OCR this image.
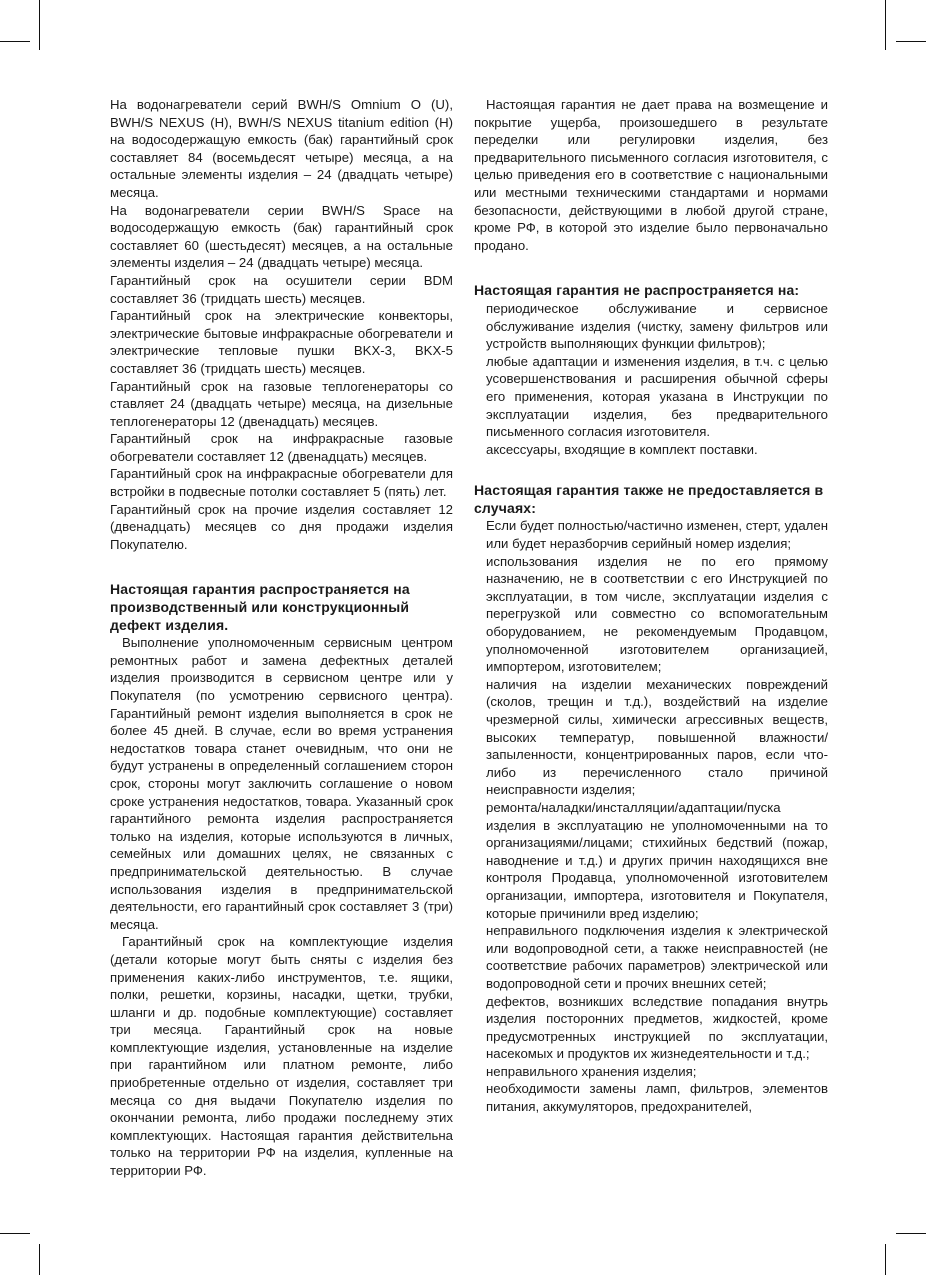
На водонагреватели серий BWH/S Omnium O (U), BWH/S NEXUS (H), BWH/S NEXUS titanium edition (H) на водосодержащую емкость (бак) гарантийный срок составляет 84 (восемьдесят четыре) месяца, а на остальные элементы изделия – 24 (двадцать четыре) месяца.

На водонагреватели серии BWH/S Space на водосодержащую емкость (бак) гарантийный срок составляет 60 (шестьдесят) месяцев, а на остальные элементы изделия – 24 (двадцать четыре) месяца.

Гарантийный срок на осушители серии BDM составляет 36 (тридцать шесть) месяцев.

Гарантийный срок на электрические конвекторы, электрические бытовые инфракрасные обогреватели и электрические тепловые пушки BKX-3, BKX-5 составляет 36 (тридцать шесть) месяцев.

Гарантийный срок на газовые теплогенераторы со ставляет 24 (двадцать четыре) месяца, на дизельные теплогенераторы 12 (двенадцать) месяцев.

Гарантийный срок на инфракрасные газовые обогреватели составляет 12 (двенадцать) месяцев.

Гарантийный срок на инфракрасные обогреватели для встройки в подвесные потолки составляет 5 (пять) лет.

Гарантийный срок на прочие изделия составляет 12 (двенадцать) месяцев со дня продажи изделия Покупателю.

Настоящая гарантия распространяется на производственный или конструкционный дефект изделия.

Выполнение уполномоченным сервисным центром ремонтных работ и замена дефектных деталей изделия производится в сервисном центре или у Покупателя (по усмотрению сервисного центра). Гарантийный ремонт изделия выполняется в срок не более 45 дней. В случае, если во время устранения недостатков товара станет очевидным, что они не будут устранены в определенный соглашением сторон срок, стороны могут заключить соглашение о новом сроке устранения недостатков, товара. Указанный срок гарантийного ремонта изделия распространяется только на изделия, которые используются в личных, семейных или домашних целях, не связанных с предпринимательской деятельностью. В случае использования изделия в предпринимательской деятельности, его гарантийный срок составляет 3 (три) месяца.

Гарантийный срок на комплектующие изделия (детали которые могут быть сняты с изделия без применения каких-либо инструментов, т.е. ящики, полки, решетки, корзины, насадки, щетки, трубки, шланги и др. подобные комплектующие) составляет три месяца. Гарантийный срок на новые комплектующие изделия, установленные на изделие при гарантийном или платном ремонте, либо приобретенные отдельно от изделия, составляет три месяца со дня выдачи Покупателю изделия по окончании ремонта, либо продажи последнему этих комплектующих. Настоящая гарантия действительна только на территории РФ на изделия, купленные на территории РФ.

Настоящая гарантия не дает права на возмещение и покрытие ущерба, произошедшего в результате переделки или регулировки изделия, без предварительного письменного согласия изготовителя, с целью приведения его в соответствие с национальными или местными техническими стандартами и нормами безопасности, действующими в любой другой стране, кроме РФ, в которой это изделие было первоначально продано.

Настоящая гарантия не распространяется на:

периодическое обслуживание и сервисное обслуживание изделия (чистку, замену фильтров или устройств выполняющих функции фильтров);

любые адаптации и изменения изделия, в т.ч. с целью усовершенствования и расширения обычной сферы его применения, которая указана в Инструкции по эксплуатации изделия, без предварительного письменного согласия изготовителя.

аксессуары, входящие в комплект поставки.

Настоящая гарантия также не предоставляется в случаях:

Если будет полностью/частично изменен, стерт, удален или будет неразборчив серийный номер изделия;

использования изделия не по его прямому назначению, не в соответствии с его Инструкцией по эксплуатации, в том числе, эксплуатации изделия с перегрузкой или совместно со вспомогательным оборудованием, не рекомендуемым Продавцом, уполномоченной изготовителем организацией, импортером, изготовителем;

наличия на изделии механических повреждений (сколов, трещин и т.д.), воздействий на изделие чрезмерной силы, химически агрессивных веществ, высоких температур, повышенной влажности/запыленности, концентрированных паров, если что-либо из перечисленного стало причиной неисправности изделия;

ремонта/наладки/инсталляции/адаптации/пуска изделия в эксплуатацию не уполномоченными на то организациями/лицами; стихийных бедствий (пожар, наводнение и т.д.) и других причин находящихся вне контроля Продавца, уполномоченной изготовителем организации, импортера, изготовителя и Покупателя, которые причинили вред изделию;

неправильного подключения изделия к электрической или водопроводной сети, а также неисправностей (не соответствие рабочих параметров) электрической или водопроводной сети и прочих внешних сетей;

дефектов, возникших вследствие попадания внутрь изделия посторонних предметов, жидкостей, кроме предусмотренных инструкцией по эксплуатации, насекомых и продуктов их жизнедеятельности и т.д.;

неправильного хранения изделия;

необходимости замены ламп, фильтров, элементов питания, аккумуляторов, предохранителей,
